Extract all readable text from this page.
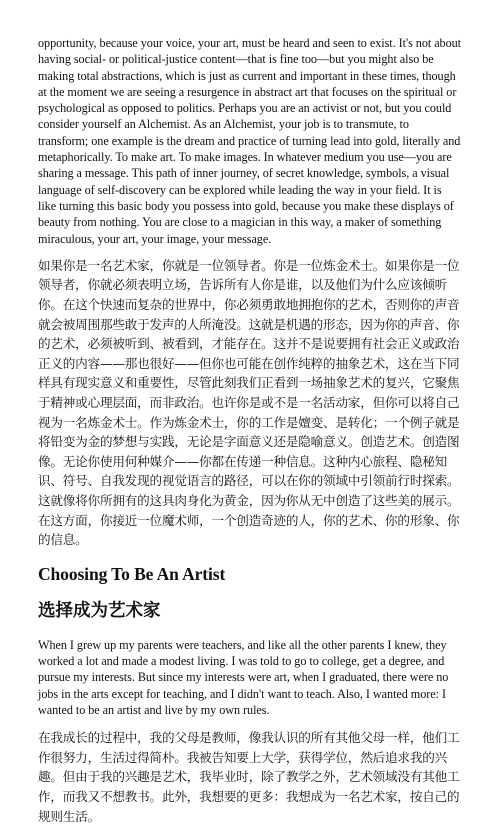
opportunity, because your voice, your art, must be heard and seen to exist. It's not about having social- or political-justice content—that is fine too—but you might also be making total abstractions, which is just as current and important in these times, though at the moment we are seeing a resurgence in abstract art that focuses on the spiritual or psychological as opposed to politics. Perhaps you are an activist or not, but you could consider yourself an Alchemist. As an Alchemist, your job is to transmute, to transform; one example is the dream and practice of turning lead into gold, literally and metaphorically. To make art. To make images. In whatever medium you use—you are sharing a message. This path of inner journey, of secret knowledge, symbols, a visual language of self-discovery can be explored while leading the way in your field. It is like turning this basic body you possess into gold, because you make these displays of beauty from nothing. You are close to a magician in this way, a maker of something miraculous, your art, your image, your message.

如果你是一名艺术家，你就是一位领导者。你是一位炼金术士。如果你是一位领导者，你就必须表明立场，告诉所有人你是谁，以及他们为什么应该倾听你。在这个快速而复杂的世界中，你必须勇敢地拥抱你的艺术，否则你的声音就会被周围那些敢于发声的人所淹没。这就是机遇的形态，因为你的声音、你的艺术，必须被听到、被看到，才能存在。这并不是说要拥有社会正义或政治正义的内容——那也很好——但你也可能在创作纯粹的抽象艺术，这在当下同样具有现实意义和重要性，尽管此刻我们正看到一场抽象艺术的复兴，它聚焦于精神或心理层面，而非政治。也许你是或不是一名活动家，但你可以将自己视为一名炼金术士。作为炼金术士，你的工作是嬗变、是转化；一个例子就是将铅变为金的梦想与实践，无论是字面意义还是隐喻意义。创造艺术。创造图像。无论你使用何种媒介——你都在传递一种信息。这种内心旅程、隐秘知识、符号、自我发现的视觉语言的路径，可以在你的领域中引领前行时探索。这就像将你所拥有的这具肉身化为黄金，因为你从无中创造了这些美的展示。在这方面，你接近一位魔术师，一个创造奇迹的人，你的艺术、你的形象、你的信息。

Choosing To Be An Artist
选择成为艺术家

When I grew up my parents were teachers, and like all the other parents I knew, they worked a lot and made a modest living. I was told to go to college, get a degree, and pursue my interests. But since my interests were art, when I graduated, there were no jobs in the arts except for teaching, and I didn't want to teach. Also, I wanted more: I wanted to be an artist and live by my own rules.

在我成长的过程中，我的父母是教师，像我认识的所有其他父母一样，他们工作很努力，生活过得简朴。我被告知要上大学，获得学位，然后追求我的兴趣。但由于我的兴趣是艺术，我毕业时，除了教学之外，艺术领域没有其他工作，而我又不想教书。此外，我想要的更多：我想成为一名艺术家，按自己的规则生活。
